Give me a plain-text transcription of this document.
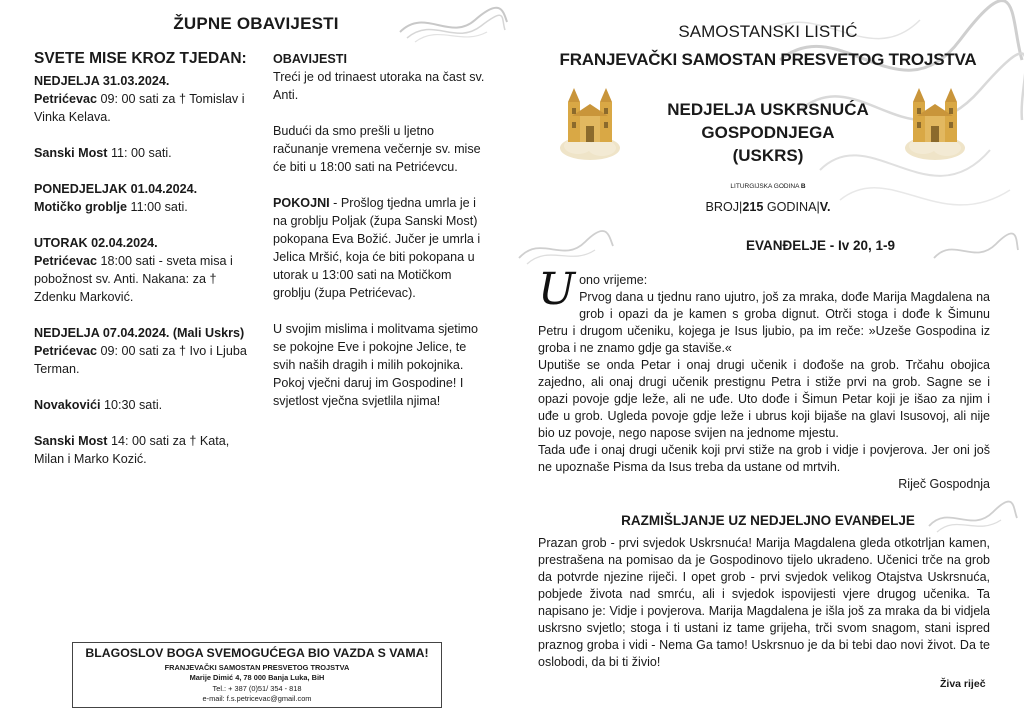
ŽUPNE OBAVIJESTI
SVETE MISE KROZ TJEDAN:
NEDJELJA 31.03.2024.

Petrićevac 09: 00 sati za † Tomislav i Vinka Kelava.

Sanski Most 11: 00 sati.

PONEDJELJAK 01.04.2024.

Motičko groblje 11:00 sati.

UTORAK 02.04.2024.

Petrićevac 18:00 sati - sveta misa i pobožnost sv. Anti. Nakana: za † Zdenku Marković.

NEDJELJA 07.04.2024. (Mali Uskrs)

Petrićevac 09: 00 sati za † Ivo i Ljuba Terman.

Novakovići 10:30 sati.

Sanski Most 14: 00 sati za † Kata, Milan i Marko Kozić.

OBAVIJESTI

Treći je od trinaest utoraka na čast sv. Anti.

Budući da smo prešli u ljetno računanje vremena večernje sv. mise će biti u 18:00 sati na Petrićevcu.

POKOJNI - Prošlog tjedna umrla je i na groblju Poljak (župa Sanski Most) pokopana Eva Božić. Jučer je umrla i Jelica Mršić, koja će biti pokopana u utorak u 13:00 sati na Motičkom groblju (župa Petrićevac).

U svojim mislima i molitvama sjetimo se pokojne Eve i pokojne Jelice, te svih naših dragih i milih pokojnika. Pokoj vječni daruj im Gospodine! I svjetlost vječna svjetlila njima!

BLAGOSLOV BOGA SVEMOGUĆEGA BIO VAZDA S VAMA!
FRANJEVAČKI SAMOSTAN PRESVETOG TROJSTVA
Marije Dimić 4, 78 000 Banja Luka, BiH
Tel.: + 387 (0)51/ 354 - 818
e-mail: f.s.petricevac@gmail.com
SAMOSTANSKI LISTIĆ
FRANJEVAČKI SAMOSTAN PRESVETOG TROJSTVA
NEDJELJA USKRSNUĆA
GOSPODNJEGA
(USKRS)
LITURGIJSKA GODINA B
BROJ|215 GODINA|V.
EVANĐELJE - Iv 20, 1-9
U ono vrijeme:

Prvog dana u tjednu rano ujutro, još za mraka, dođe Marija Magdalena na grob i opazi da je kamen s groba dignut. Otrči stoga i dođe k Šimunu Petru i drugom učeniku, kojega je Isus ljubio, pa im reče: »Uzeše Gospodina iz groba i ne znamo gdje ga staviše.«

Uputiše se onda Petar i onaj drugi učenik i dođoše na grob. Trčahu obojica zajedno, ali onaj drugi učenik prestignu Petra i stiže prvi na grob. Sagne se i opazi povoje gdje leže, ali ne uđe. Uto dođe i Šimun Petar koji je išao za njim i uđe u grob. Ugleda povoje gdje leže i ubrus koji bijaše na glavi Isusovoj, ali nije bio uz povoje, nego napose svijen na jednome mjestu.

Tada uđe i onaj drugi učenik koji prvi stiže na grob i vidje i povjerova. Jer oni još ne upoznaše Pisma da Isus treba da ustane od mrtvih.

Riječ Gospodnja

RAZMIŠLJANJE UZ NEDJELJNO EVANĐELJE

Prazan grob - prvi svjedok Uskrsnuća! Marija Magdalena gleda otkotrljan kamen, prestrašena na pomisao da je Gospodinovo tijelo ukradeno. Učenici trče na grob da potvrde njezine riječi. I opet grob - prvi svjedok velikog Otajstva Uskrsnuća, pobjede života nad smrću, ali i svjedok ispovijesti vjere drugog učenika. Ta napisano je: Vidje i povjerova. Marija Magdalena je išla još za mraka da bi vidjela uskrsno svjetlo; stoga i ti ustani iz tame grijeha, trči svom snagom, stani ispred praznog groba i vidi - Nema Ga tamo! Uskrsnuo je da bi tebi dao novi život. Da te oslobodi, da bi ti živio!

Živa riječ
